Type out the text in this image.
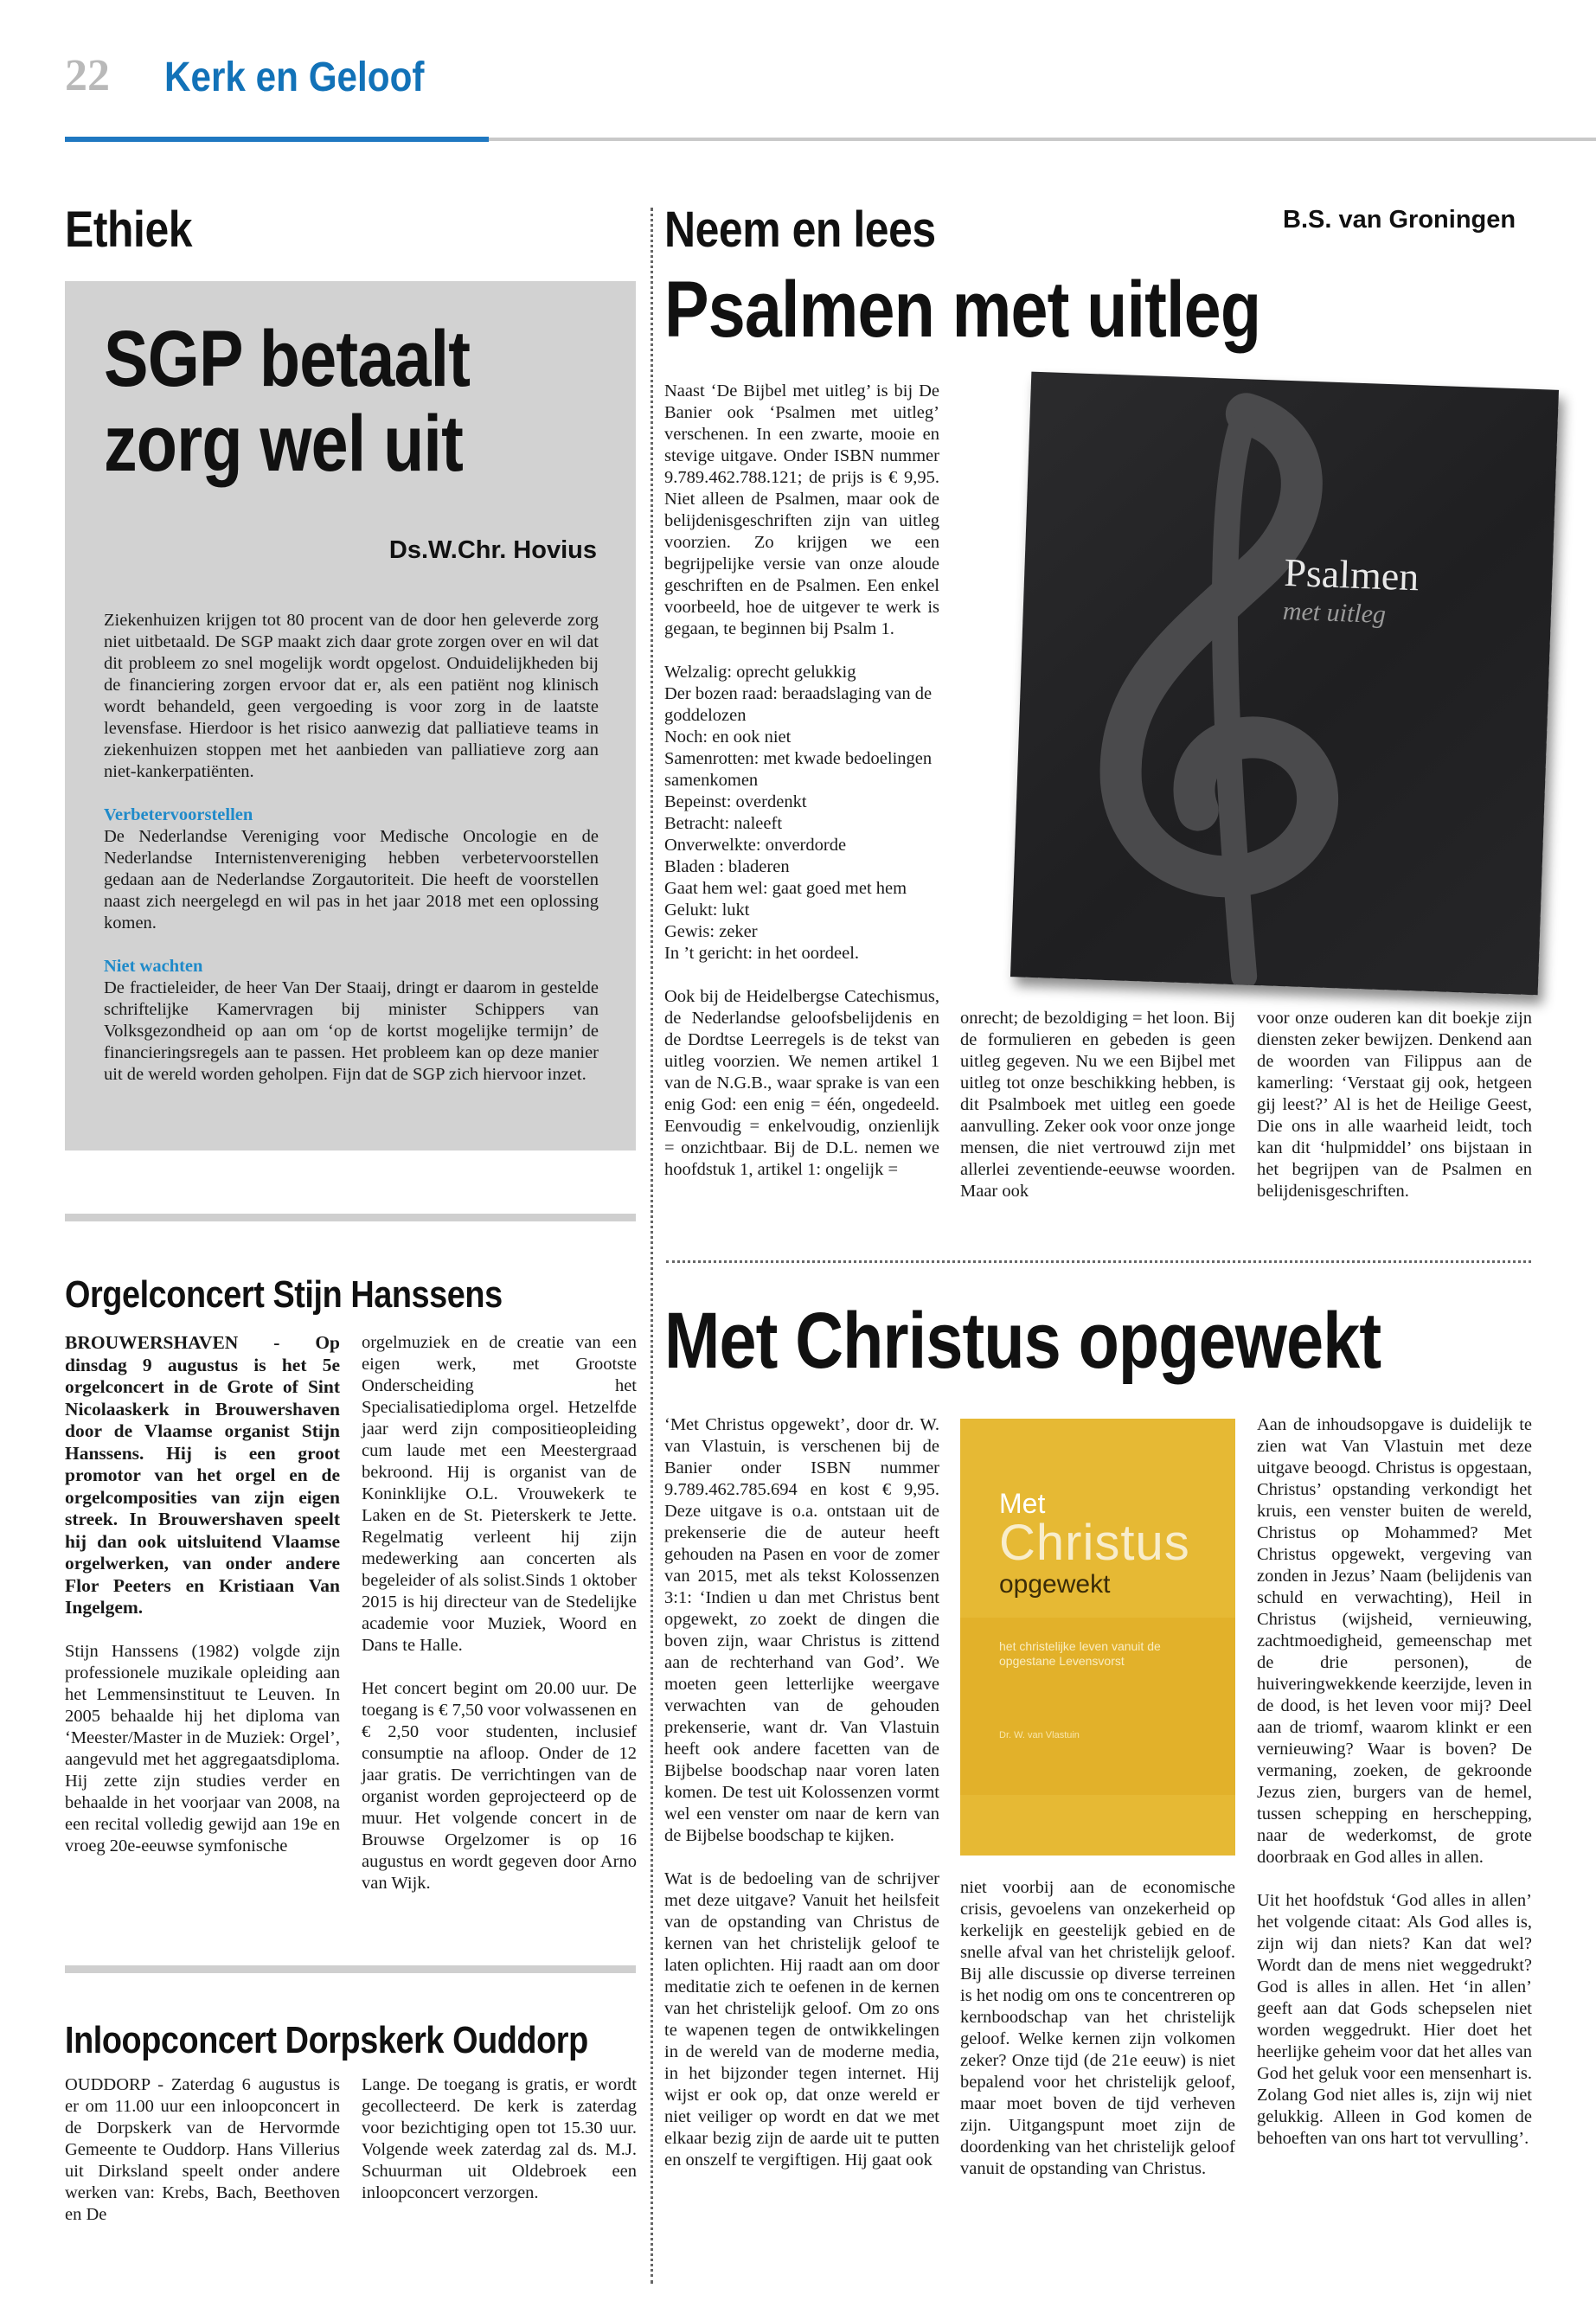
22 Kerk en Geloof
Ethiek
SGP betaalt
zorg wel uit
Ds.W.Chr. Hovius

Ziekenhuizen krijgen tot 80 procent van de door hen geleverde zorg niet uitbetaald. De SGP maakt zich daar grote zorgen over en wil dat dit probleem zo snel mogelijk wordt opgelost. Onduidelijkheden bij de financiering zorgen ervoor dat er, als een patiënt nog klinisch wordt behandeld, geen vergoeding is voor zorg in de laatste levensfase. Hierdoor is het risico aanwezig dat palliatieve teams in ziekenhuizen stoppen met het aanbieden van palliatieve zorg aan niet-kankerpatiënten.

Verbetervoorstellen
De Nederlandse Vereniging voor Medische Oncologie en de Nederlandse Internistenvereniging hebben verbetervoorstellen gedaan aan de Nederlandse Zorgautoriteit. Die heeft de voorstellen naast zich neergelegd en wil pas in het jaar 2018 met een oplossing komen.

Niet wachten
De fractieleider, de heer Van Der Staaij, dringt er daarom in gestelde schriftelijke Kamervragen bij minister Schippers van Volksgezondheid op aan om ‘op de kortst mogelijke termijn’ de financieringsregels aan te passen. Het probleem kan op deze manier uit de wereld worden geholpen. Fijn dat de SGP zich hiervoor inzet.

Neem en lees	B.S. van Groningen
Psalmen met uitleg

Naast ‘De Bijbel met uitleg’ is bij De Banier ook ‘Psalmen met uitleg’ verschenen. In een zwarte, mooie en stevige uitgave. Onder ISBN nummer 9.789.462.788.121; de prijs is € 9,95. Niet alleen de Psalmen, maar ook de belijdenisgeschriften zijn van uitleg voorzien. Zo krijgen we een begrijpelijke versie van onze aloude geschriften en de Psalmen. Een enkel voorbeeld, hoe de uitgever te werk is gegaan, te beginnen bij Psalm 1.

Welzalig: oprecht gelukkig
Der bozen raad: beraadslaging van de goddelozen
Noch: en ook niet
Samenrotten: met kwade bedoelingen samenkomen
Bepeinst: overdenkt
Betracht: naleeft
Onverwelkte: onverdorde
Bladen : bladeren
Gaat hem wel: gaat goed met hem
Gelukt: lukt
Gewis: zeker
In ’t gericht: in het oordeel.

Ook bij de Heidelbergse Catechismus, de Nederlandse geloofsbelijdenis en de Dordtse Leerregels is de tekst van uitleg voorzien. We nemen artikel 1 van de N.G.B., waar sprake is van een enig God: een enig = één, ongedeeld. Eenvoudig = enkelvoudig, onzienlijk = onzichtbaar. Bij de D.L. nemen we hoofdstuk 1, artikel 1: ongelijk =

Psalmen
met uitleg

onrecht; de bezoldiging = het loon. Bij de formulieren en gebeden is geen uitleg gegeven. Nu we een Bijbel met uitleg tot onze beschikking hebben, is dit Psalmboek met uitleg een goede aanvulling. Zeker ook voor onze jonge mensen, die niet vertrouwd zijn met allerlei zeventiende-eeuwse woorden. Maar ook

voor onze ouderen kan dit boekje zijn diensten zeker bewijzen. Denkend aan de woorden van Filippus aan de kamerling: ‘Verstaat gij ook, hetgeen gij leest?’ Al is het de Heilige Geest, Die ons in alle waarheid leidt, toch kan dit ‘hulpmiddel’ ons bijstaan in het begrijpen van de Psalmen en belijdenisgeschriften.

Orgelconcert Stijn Hanssens

BROUWERSHAVEN - Op dinsdag 9 augustus is het 5e orgelconcert in de Grote of Sint Nicolaaskerk in Brouwershaven door de Vlaamse organist Stijn Hanssens. Hij is een groot promotor van het orgel en de orgelcomposities van zijn eigen streek. In Brouwershaven speelt hij dan ook uitsluitend Vlaamse orgelwerken, van onder andere Flor Peeters en Kristiaan Van Ingelgem.

Stijn Hanssens (1982) volgde zijn professionele muzikale opleiding aan het Lemmensinstituut te Leuven. In 2005 behaalde hij het diploma van ‘Meester/Master in de Muziek: Orgel’, aangevuld met het aggregaatsdiploma. Hij zette zijn studies verder en behaalde in het voorjaar van 2008, na een recital volledig gewijd aan 19e en vroeg 20e-eeuwse symfonische

orgelmuziek en de creatie van een eigen werk, met Grootste Onderscheiding het Specialisatiediploma orgel. Hetzelfde jaar werd zijn compositieopleiding cum laude met een Meestergraad bekroond. Hij is organist van de Koninklijke O.L. Vrouwekerk te Laken en de St. Pieterskerk te Jette. Regelmatig verleent hij zijn medewerking aan concerten als begeleider of als solist.Sinds 1 oktober 2015 is hij directeur van de Stedelijke academie voor Muziek, Woord en Dans te Halle.

Het concert begint om 20.00 uur. De toegang is € 7,50 voor volwassenen en € 2,50 voor studenten, inclusief consumptie na afloop. Onder de 12 jaar gratis. De verrichtingen van de organist worden geprojecteerd op de muur. Het volgende concert in de Brouwse Orgelzomer is op 16 augustus en wordt gegeven door Arno van Wijk.

Inloopconcert Dorpskerk Ouddorp

OUDDORP - Zaterdag 6 augustus is er om 11.00 uur een inloopconcert in de Dorpskerk van de Hervormde Gemeente te Ouddorp. Hans Villerius uit Dirksland speelt onder andere werken van: Krebs, Bach, Beethoven en De

Lange. De toegang is gratis, er wordt gecollecteerd. De kerk is zaterdag voor bezichtiging open tot 15.30 uur. Volgende week zaterdag zal ds. M.J. Schuurman uit Oldebroek een inloopconcert verzorgen.

Met Christus opgewekt

‘Met Christus opgewekt’, door dr. W. van Vlastuin, is verschenen bij de Banier onder ISBN nummer 9.789.462.785.694 en kost € 9,95. Deze uitgave is o.a. ontstaan uit de prekenserie die de auteur heeft gehouden na Pasen en voor de zomer van 2015, met als tekst Kolossenzen 3:1: ‘Indien u dan met Christus bent opgewekt, zo zoekt de dingen die boven zijn, waar Christus is zittend aan de rechterhand van God’. We moeten geen letterlijke weergave verwachten van de gehouden prekenserie, want dr. Van Vlastuin heeft ook andere facetten van de Bijbelse boodschap naar voren laten komen. De test uit Kolossenzen vormt wel een venster om naar de kern van de Bijbelse boodschap te kijken.

Wat is de bedoeling van de schrijver met deze uitgave? Vanuit het heilsfeit van de opstanding van Christus de kernen van het christelijk geloof te laten oplichten. Hij raadt aan om door meditatie zich te oefenen in de kernen van het christelijk geloof. Om zo ons te wapenen tegen de ontwikkelingen in de wereld van de moderne media, in het bijzonder tegen internet. Hij wijst er ook op, dat onze wereld er niet veiliger op wordt en dat we met elkaar bezig zijn de aarde uit te putten en onszelf te vergiftigen. Hij gaat ook

Met
Christus
opgewekt
het christelijke leven vanuit de opgestane Levensvorst
Dr. W. van Vlastuin

niet voorbij aan de economische crisis, gevoelens van onzekerheid op kerkelijk en geestelijk gebied en de snelle afval van het christelijk geloof. Bij alle discussie op diverse terreinen is het nodig om ons te concentreren op kernboodschap van het christelijk geloof. Welke kernen zijn volkomen zeker? Onze tijd (de 21e eeuw) is niet bepalend voor het christelijk geloof, maar moet boven de tijd verheven zijn. Uitgangspunt moet zijn de doordenking van het christelijk geloof vanuit de opstanding van Christus.

Aan de inhoudsopgave is duidelijk te zien wat Van Vlastuin met deze uitgave beoogd. Christus is opgestaan, Christus’ opstanding verkondigt het kruis, een venster buiten de wereld, Christus op Mohammed? Met Christus opgewekt, vergeving van zonden in Jezus’ Naam (belijdenis van schuld en verwachting), Heil in Christus (wijsheid, vernieuwing, zachtmoedigheid, gemeenschap met de drie personen), de huiveringwekkende keerzijde, leven in de dood, is het leven voor mij? Deel aan de triomf, waarom klinkt er een vernieuwing? Waar is boven? De vermaning, zoeken, de gekroonde Jezus zien, burgers van de hemel, tussen schepping en herschepping, naar de wederkomst, de grote doorbraak en God alles in allen.

Uit het hoofdstuk ‘God alles in allen’ het volgende citaat: Als God alles is, zijn wij dan niets? Kan dat wel? Wordt dan de mens niet weggedrukt? God is alles in allen. Het ‘in allen’ geeft aan dat Gods schepselen niet worden weggedrukt. Hier doet het heerlijke geheim voor dat het alles van God het geluk voor een mensenhart is. Zolang God niet alles is, zijn wij niet gelukkig. Alleen in God komen de behoeften van ons hart tot vervulling’.
